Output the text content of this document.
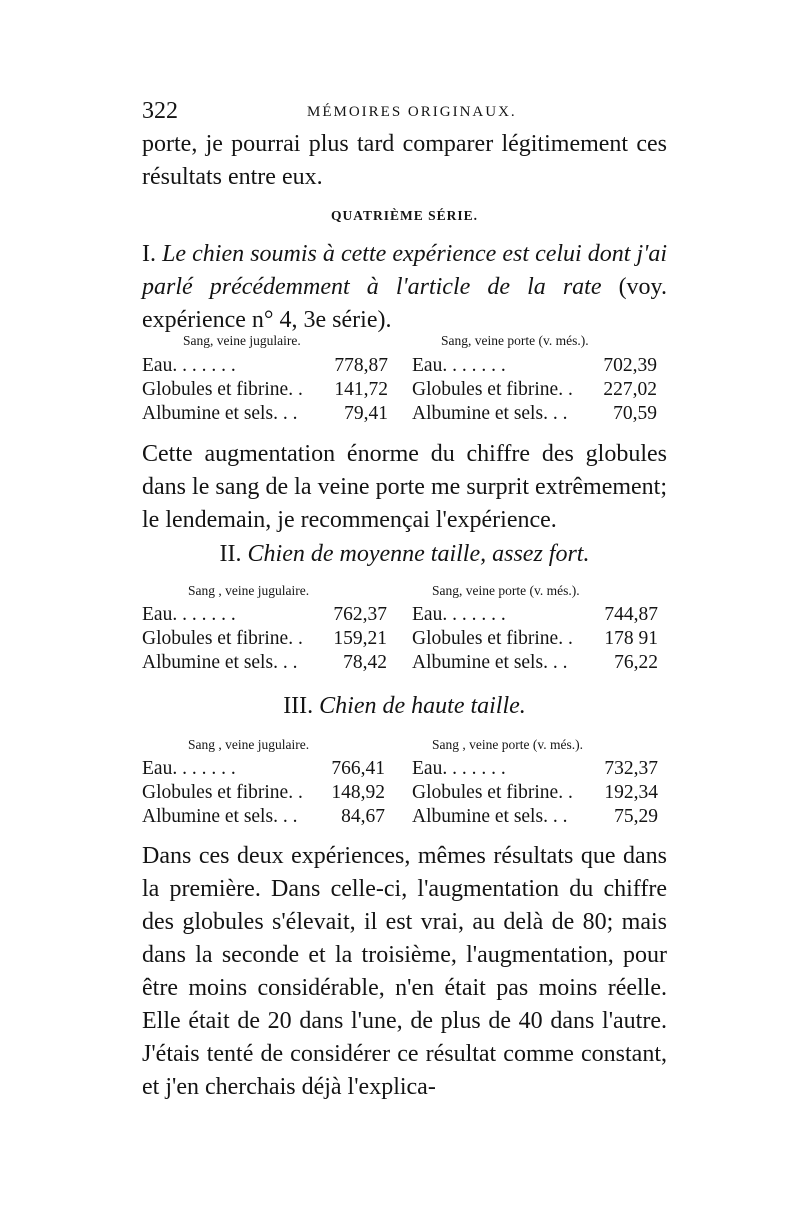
322	MÉMOIRES ORIGINAUX.

porte, je pourrai plus tard comparer légitimement ces résultats entre eux.

QUATRIÈME SÉRIE.

I. Le chien soumis à cette expérience est celui dont j'ai parlé précédemment à l'article de la rate (voy. expérience n° 4, 3e série).

Sang, veine jugulaire.	Sang, veine porte (v. més.).
Eau. . . . . . .	778,87 Eau. . . . . . .	702,39
Globules et fibrine. .	141,72 Globules et fibrine. .	227,02
Albumine et sels. . .	79,41 Albumine et sels. . .	70,59

Cette augmentation énorme du chiffre des globules dans le sang de la veine porte me surprit extrêmement; le lendemain, je recommençai l'expérience.

II. Chien de moyenne taille, assez fort.
Sang , veine jugulaire.	Sang, veine porte (v. més.).
Eau. . . . . . .	762,37 Eau. . . . . . .	744,87
Globules et fibrine. .	159,21 Globules et fibrine. .	178 91
Albumine et sels. . .	78,42 Albumine et sels. . .	76,22
III. Chien de haute taille.
Sang , veine jugulaire.	Sang , veine porte (v. més.).
Eau. . . . . . .	766,41 Eau. . . . . . .	732,37
Globules et fibrine. .	148,92 Globules et fibrine. .	192,34
Albumine et sels. . .	84,67 Albumine et sels. . .	75,29

Dans ces deux expériences, mêmes résultats que dans la première. Dans celle-ci, l'augmentation du chiffre des globules s'élevait, il est vrai, au delà de 80; mais dans la seconde et la troisième, l'augmentation, pour être moins considérable, n'en était pas moins réelle. Elle était de 20 dans l'une, de plus de 40 dans l'autre. J'étais tenté de considérer ce résultat comme constant, et j'en cherchais déjà l'explica-
